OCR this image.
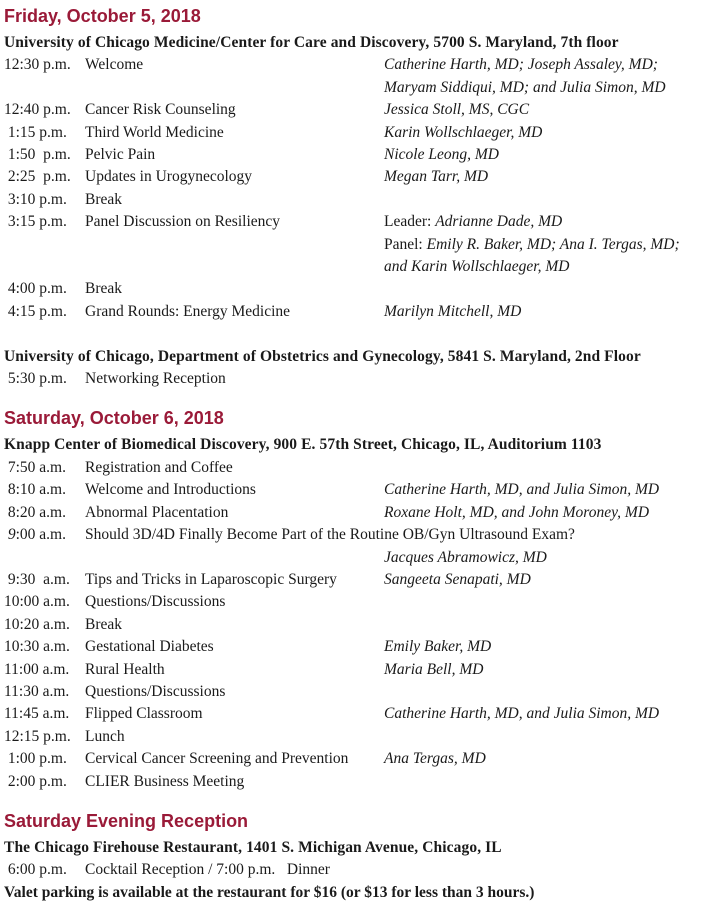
Friday, October 5, 2018
University of Chicago Medicine/Center for Care and Discovery, 5700 S. Maryland, 7th floor
12:30 p.m. Welcome	Catherine Harth, MD; Joseph Assaley, MD;
Maryam Siddiqui, MD; and Julia Simon, MD
12:40 p.m. Cancer Risk Counseling	Jessica Stoll, MS, CGC
1:15 p.m.	Third World Medicine	Karin Wollschlaeger, MD
1:50  p.m. Pelvic Pain	Nicole Leong, MD
2:25  p.m. Updates in Urogynecology	Megan Tarr, MD
3:10 p.m.	Break
3:15 p.m.	Panel Discussion on Resiliency	Leader: Adrianne Dade, MD
Panel: Emily R. Baker, MD; Ana I. Tergas, MD;
and Karin Wollschlaeger, MD
4:00 p.m.	Break
4:15 p.m.	Grand Rounds: Energy Medicine	Marilyn Mitchell, MD
University of Chicago, Department of Obstetrics and Gynecology, 5841 S. Maryland, 2nd Floor
5:30 p.m.	Networking Reception
Saturday, October 6, 2018
Knapp Center of Biomedical Discovery, 900 E. 57th Street, Chicago, IL, Auditorium 1103
7:50 a.m.	Registration and Coffee
8:10 a.m.	Welcome and Introductions	Catherine Harth, MD, and Julia Simon, MD
8:20 a.m.	Abnormal Placentation	Roxane Holt, MD, and John Moroney, MD
9:00 a.m.	Should 3D/4D Finally Become Part of the Routine OB/Gyn Ultrasound Exam?
Jacques Abramowicz, MD
9:30  a.m. Tips and Tricks in Laparoscopic Surgery	Sangeeta Senapati, MD
10:00 a.m. Questions/Discussions
10:20 a.m. Break
10:30 a.m. Gestational Diabetes	Emily Baker, MD
11:00 a.m.	Rural Health	Maria Bell, MD
11:30 a.m.	Questions/Discussions
11:45 a.m.	Flipped Classroom	Catherine Harth, MD, and Julia Simon, MD
12:15 p.m. Lunch
1:00 p.m.	Cervical Cancer Screening and Prevention	Ana Tergas, MD
2:00 p.m.	CLIER Business Meeting
Saturday Evening Reception
The Chicago Firehouse Restaurant, 1401 S. Michigan Avenue, Chicago, IL
6:00 p.m.	Cocktail Reception / 7:00 p.m.   Dinner
Valet parking is available at the restaurant for $16 (or $13 for less than 3 hours.)
